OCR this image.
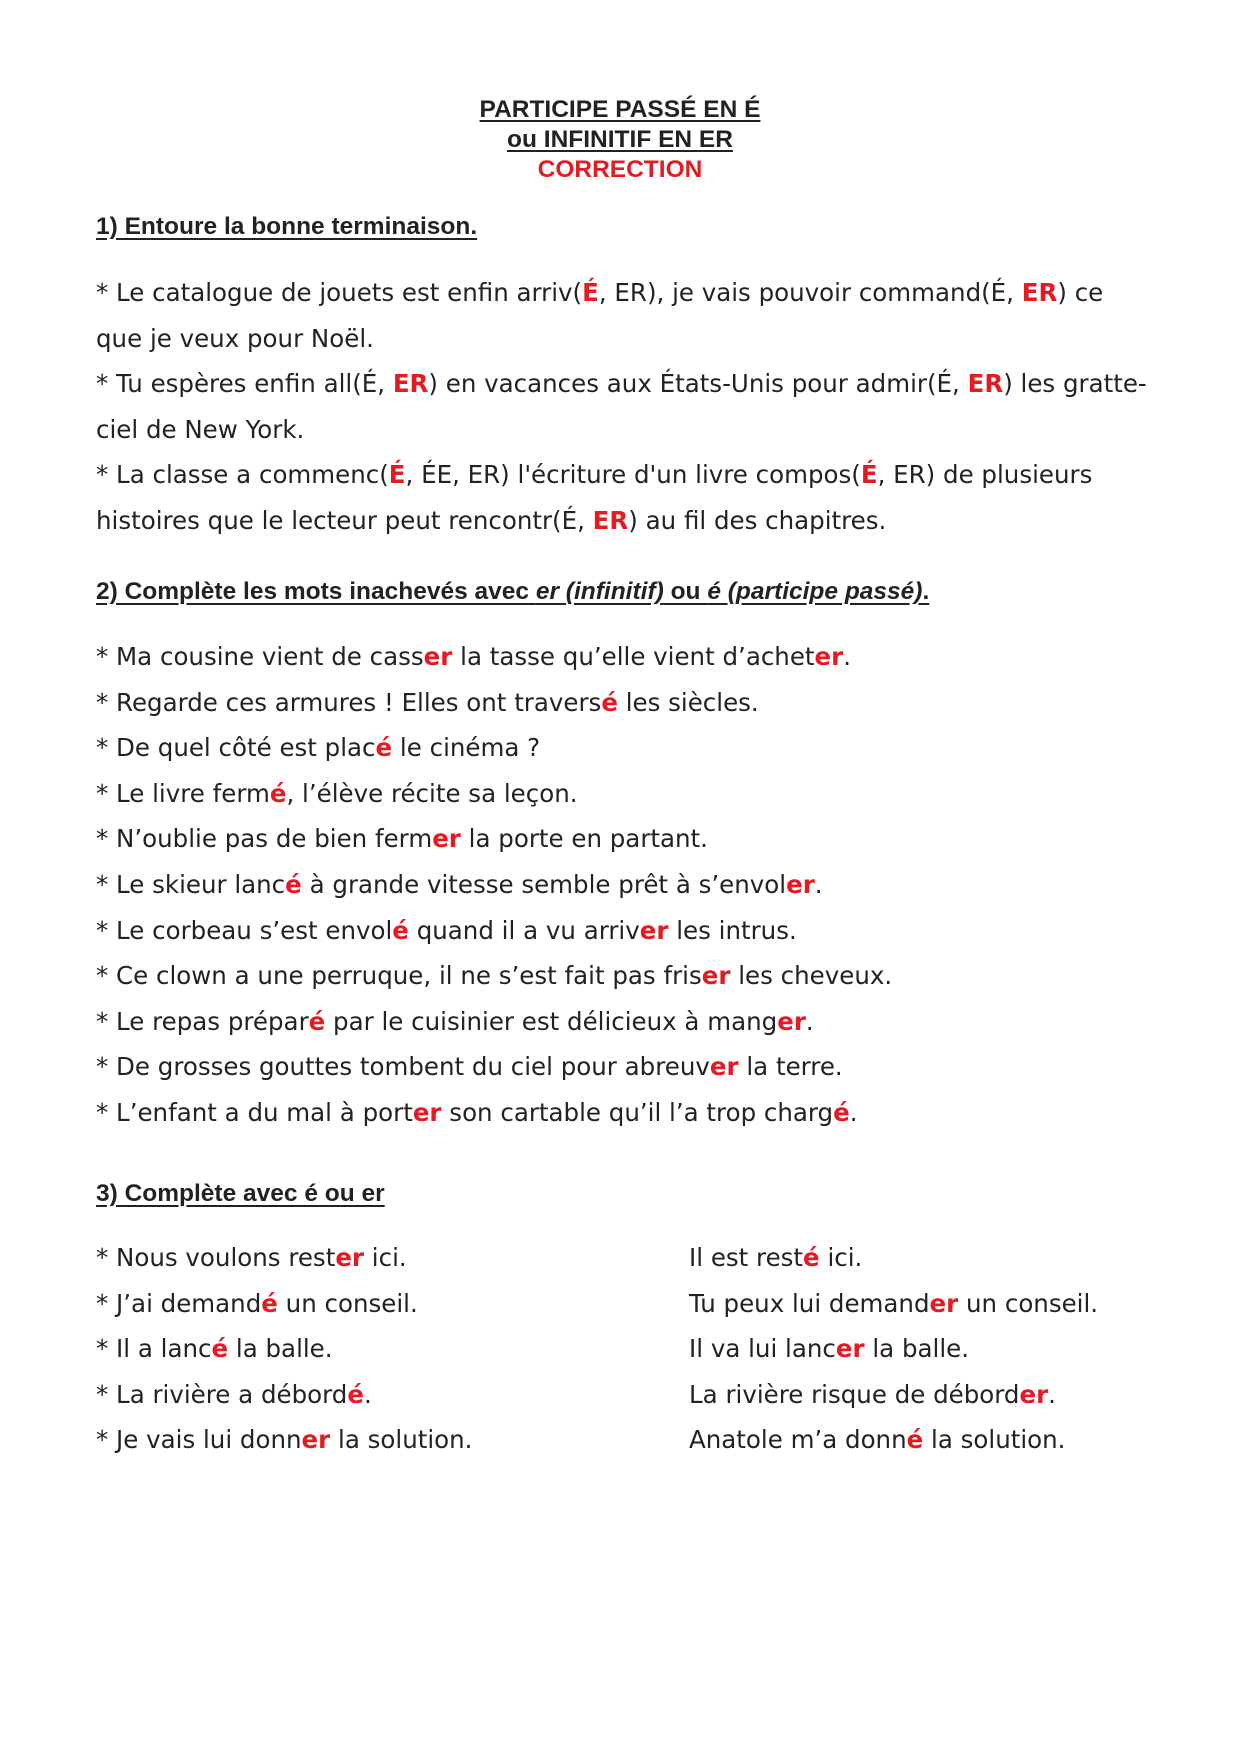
PARTICIPE PASSÉ EN É
ou INFINITIF EN ER
CORRECTION
1) Entoure la bonne terminaison.

* Le catalogue de jouets est enfin arriv(É, ER), je vais pouvoir command(É, ER) ce que je veux pour Noël.

* Tu espères enfin all(É, ER) en vacances aux États-Unis pour admir(É, ER) les gratte-ciel de New York.

* La classe a commenc(É, ÉE, ER) l'écriture d'un livre compos(É, ER) de plusieurs histoires que le lecteur peut rencontr(É, ER) au fil des chapitres.

2) Complète les mots inachevés avec er (infinitif) ou é (participe passé).
* Ma cousine vient de casser la tasse qu’elle vient d’acheter.
* Regarde ces armures ! Elles ont traversé les siècles.
* De quel côté est placé le cinéma ?
* Le livre fermé, l’élève récite sa leçon.
* N’oublie pas de bien fermer la porte en partant.
* Le skieur lancé à grande vitesse semble prêt à s’envoler.
* Le corbeau s’est envolé quand il a vu arriver les intrus.
* Ce clown a une perruque, il ne s’est fait pas friser les cheveux.
* Le repas préparé par le cuisinier est délicieux à manger.
* De grosses gouttes tombent du ciel pour abreuver la terre.
* L’enfant a du mal à porter son cartable qu’il l’a trop chargé.
3) Complète avec é ou er
* Nous voulons rester ici.
* J’ai demandé un conseil.
* Il a lancé la balle.
* La rivière a débordé.
* Je vais lui donner la solution.
Il est resté ici.
Tu peux lui demander un conseil.
Il va lui lancer la balle.
La rivière risque de déborder.
Anatole m’a donné la solution.
